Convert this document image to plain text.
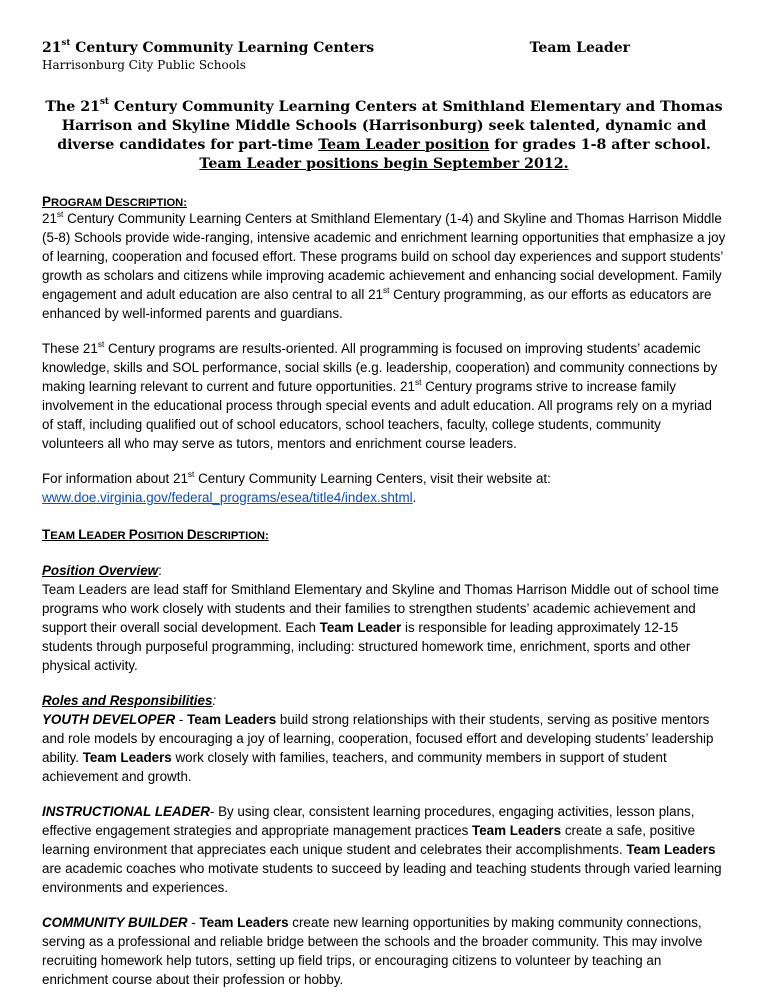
21st Century Community Learning Centers	Team Leader
Harrisonburg City Public Schools
The 21st Century Community Learning Centers at Smithland Elementary and Thomas Harrison and Skyline Middle Schools (Harrisonburg) seek talented, dynamic and diverse candidates for part-time Team Leader position for grades 1-8 after school.
Team Leader positions begin September 2012.
PROGRAM DESCRIPTION:

21st Century Community Learning Centers at Smithland Elementary (1-4) and Skyline and Thomas Harrison Middle (5-8) Schools provide wide-ranging, intensive academic and enrichment learning opportunities that emphasize a joy of learning, cooperation and focused effort. These programs build on school day experiences and support students’ growth as scholars and citizens while improving academic achievement and enhancing social development. Family engagement and adult education are also central to all 21st Century programming, as our efforts as educators are enhanced by well-informed parents and guardians.

These 21st Century programs are results-oriented. All programming is focused on improving students’ academic knowledge, skills and SOL performance, social skills (e.g. leadership, cooperation) and community connections by making learning relevant to current and future opportunities. 21st Century programs strive to increase family involvement in the educational process through special events and adult education. All programs rely on a myriad of staff, including qualified out of school educators, school teachers, faculty, college students, community volunteers all who may serve as tutors, mentors and enrichment course leaders.

For information about 21st Century Community Learning Centers, visit their website at:
www.doe.virginia.gov/federal_programs/esea/title4/index.shtml.

TEAM LEADER POSITION DESCRIPTION:
Position Overview:

Team Leaders are lead staff for Smithland Elementary and Skyline and Thomas Harrison Middle out of school time programs who work closely with students and their families to strengthen students’ academic achievement and support their overall social development. Each Team Leader is responsible for leading approximately 12-15 students through purposeful programming, including: structured homework time, enrichment, sports and other physical activity.

Roles and Responsibilities:

YOUTH DEVELOPER - Team Leaders build strong relationships with their students, serving as positive mentors and role models by encouraging a joy of learning, cooperation, focused effort and developing students’ leadership ability. Team Leaders work closely with families, teachers, and community members in support of student achievement and growth.

INSTRUCTIONAL LEADER- By using clear, consistent learning procedures, engaging activities, lesson plans, effective engagement strategies and appropriate management practices Team Leaders create a safe, positive learning environment that appreciates each unique student and celebrates their accomplishments. Team Leaders are academic coaches who motivate students to succeed by leading and teaching students through varied learning environments and experiences.

COMMUNITY BUILDER - Team Leaders create new learning opportunities by making community connections, serving as a professional and reliable bridge between the schools and the broader community. This may involve recruiting homework help tutors, setting up field trips, or encouraging citizens to volunteer by teaching an enrichment course about their profession or hobby.
